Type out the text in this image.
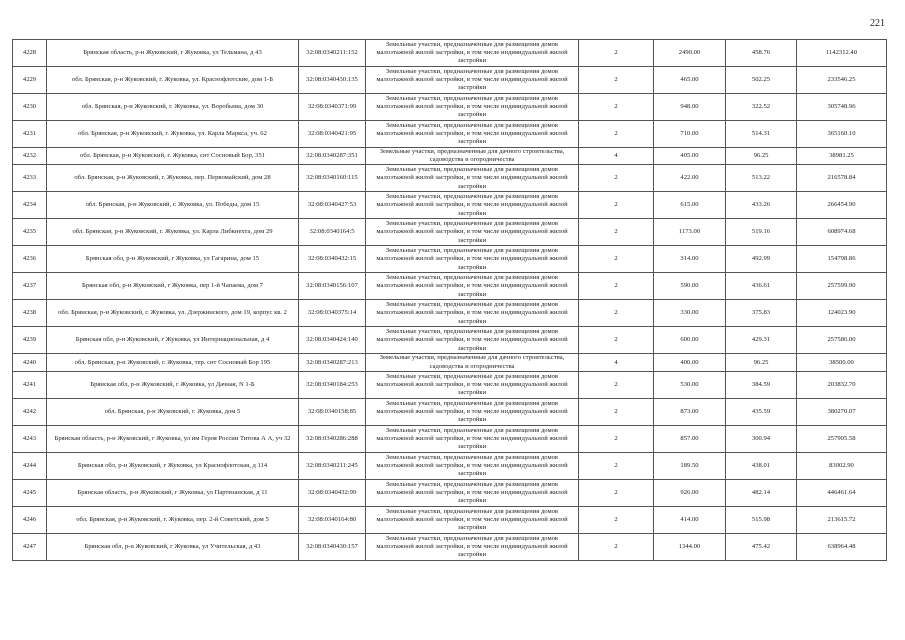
221
4228	Брянская область, р-н Жуковский, г Жуковка, ул Тельмана, д 43	32:08:0340211:152	Земельные участки, предназначенные для размещения домов малоэтажной жилой застройки, в том числе индивидуальной жилой застройки	2	2490.00	458.76	1142312.40
4229	обл. Брянская, р-н Жуковский, г. Жуковка, ул. Краснофлотские, дом 1-Б	32:08:0340430:135	Земельные участки, предназначенные для размещения домов малоэтажной жилой застройки, в том числе индивидуальной жилой застройки	2	465.00	502.25	233546.25
4230	обл. Брянская, р-н Жуковский, г. Жуковка, ул. Воробьева, дом 30	32:08:0340371:99	Земельные участки, предназначенные для размещения домов малоэтажной жилой застройки, в том числе индивидуальной жилой застройки	2	948.00	322.52	305748.96
4231	обл. Брянская, р-н Жуковский, г. Жуковка, ул. Карла Маркса, уч. 62	32:08:0340421:95	Земельные участки, предназначенные для размещения домов малоэтажной жилой застройки, в том числе индивидуальной жилой застройки	2	710.00	514.31	365160.10
4232	обл. Брянская, р-н Жуковский, г. Жуковка, снт Сосновый Бор, 351	32:08:0340287:351	Земельные участки, предназначенные для дачного строительства, садоводства и огородничества	4	405.00	96.25	38981.25
4233	обл. Брянская, р-н Жуковский, г. Жуковка, пер. Первомайский, дом 28	32:08:0340160:115	Земельные участки, предназначенные для размещения домов малоэтажной жилой застройки, в том числе индивидуальной жилой застройки	2	422.00	513.22	216578.84
4234	обл. Брянская, р-н Жуковский, г. Жуковка, ул. Победы, дом 15	32:08:0340427:53	Земельные участки, предназначенные для размещения домов малоэтажной жилой застройки, в том числе индивидуальной жилой застройки	2	615.00	433.26	266454.90
4235	обл. Брянская, р-н Жуковский, г. Жуковка, ул. Карла Либкнехта, дом 29	32:08:0340164:5	Земельные участки, предназначенные для размещения домов малоэтажной жилой застройки, в том числе индивидуальной жилой застройки	2	1173.00	519.16	608974.68
4236	Брянская обл, р-н Жуковский, г Жуковка, ул Гагарина, дом 15	32:08:0340432:15	Земельные участки, предназначенные для размещения домов малоэтажной жилой застройки, в том числе индивидуальной жилой застройки	2	314.00	492.99	154798.86
4237	Брянская обл, р-н Жуковский, г Жуковка, пер 1-й Чапаева, дом 7	32:08:0340156:107	Земельные участки, предназначенные для размещения домов малоэтажной жилой застройки, в том числе индивидуальной жилой застройки	2	590.00	436.61	257599.90
4238	обл. Брянская, р-н Жуковский, г. Жуковка, ул. Дзержинского, дом 19, корпус кв. 2	32:08:0340375:14	Земельные участки, предназначенные для размещения домов малоэтажной жилой застройки, в том числе индивидуальной жилой застройки	2	330.00	375.83	124023.90
4239	Брянская обл, р-н Жуковский, г Жуковка, ул Интернациональная, д 4	32:08:0340424:140	Земельные участки, предназначенные для размещения домов малоэтажной жилой застройки, в том числе индивидуальной жилой застройки	2	600.00	429.31	257586.00
4240	обл. Брянская, р-н Жуковский, г. Жуковка, тер. снт Сосновый Бор 195	32:08:0340287:213	Земельные участки, предназначенные для дачного строительства, садоводства и огородничества	4	400.00	96.25	38500.00
4241	Брянская обл, р-н Жуковский, г Жуковка, ул Дачная, N 1-Б	32:08:0340184:253	Земельные участки, предназначенные для размещения домов малоэтажной жилой застройки, в том числе индивидуальной жилой застройки	2	530.00	384.59	203832.70
4242	обл. Брянская, р-н Жуковский, г. Жуковка, дом 5	32:08:0340158:85	Земельные участки, предназначенные для размещения домов малоэтажной жилой застройки, в том числе индивидуальной жилой застройки	2	873.00	435.59	380270.07
4243	Брянская область, р-н Жуковский, г Жуковка, ул им Героя России Титова А А, уч 32	32:08:0340286:288	Земельные участки, предназначенные для размещения домов малоэтажной жилой застройки, в том числе индивидуальной жилой застройки	2	857.00	300.94	257905.58
4244	Брянская обл, р-н Жуковский, г Жуковка, ул Краснофлотская, д 114	32:08:0340211:245	Земельные участки, предназначенные для размещения домов малоэтажной жилой застройки, в том числе индивидуальной жилой застройки	2	189.50	438.01	83002.90
4245	Брянская область, р-н Жуковский, г Жуковка, ул Партизанская, д 11	32:08:0340432:99	Земельные участки, предназначенные для размещения домов малоэтажной жилой застройки, в том числе индивидуальной жилой застройки	2	926.00	482.14	446461.64
4246	обл. Брянская, р-н Жуковский, г. Жуковка, пер. 2-й Советский, дом 5	32:08:0340164:80	Земельные участки, предназначенные для размещения домов малоэтажной жилой застройки, в том числе индивидуальной жилой застройки	2	414.00	515.98	213615.72
4247	Брянская обл, р-н Жуковский, г Жуковка, ул Учительская, д 43	32:08:0340430:157	Земельные участки, предназначенные для размещения домов малоэтажной жилой застройки, в том числе индивидуальной жилой застройки	2	1344.00	475.42	638964.48
